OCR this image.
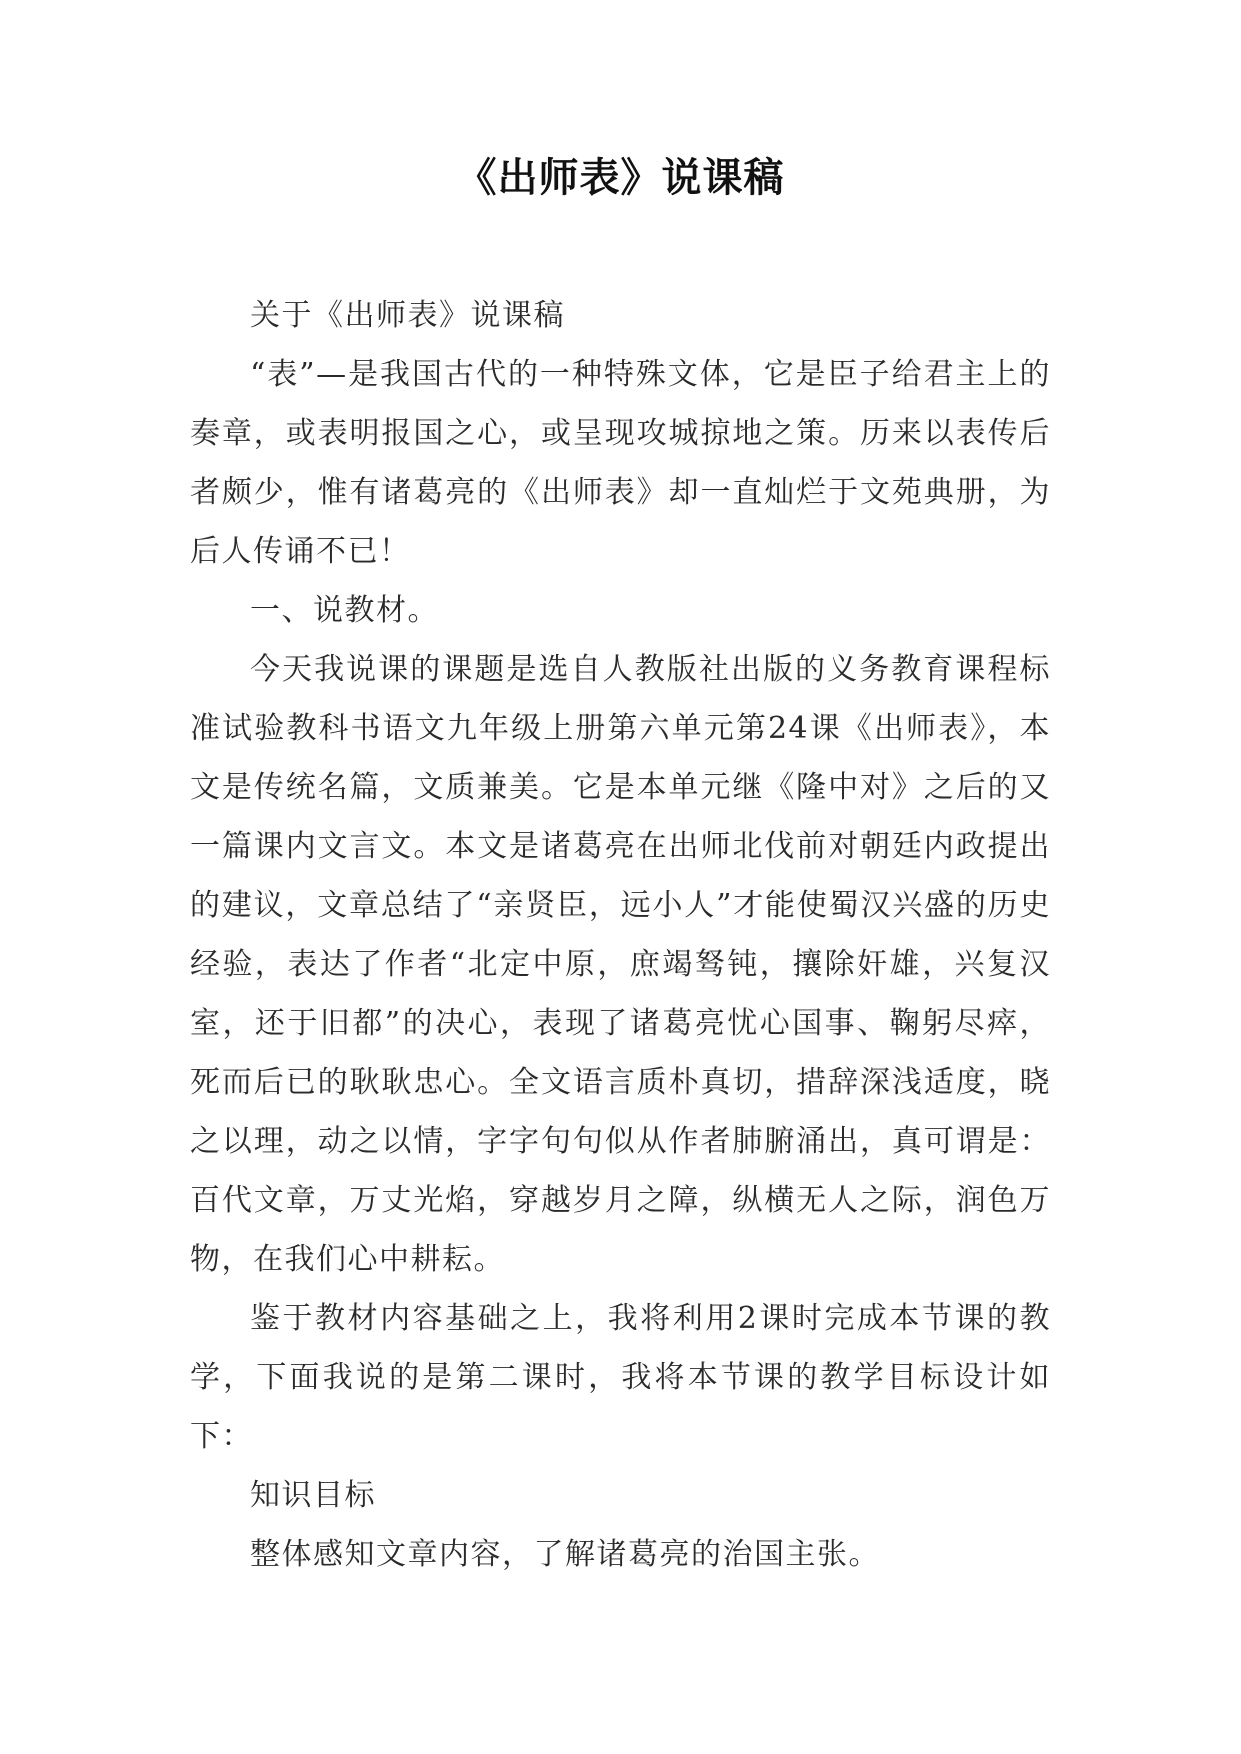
《出师表》说课稿

关于《出师表》说课稿

“表”—是我国古代的一种特殊文体，它是臣子给君主上的奏章，或表明报国之心，或呈现攻城掠地之策。历来以表传后者颇少，惟有诸葛亮的《出师表》却一直灿烂于文苑典册，为后人传诵不已！

一、说教材。

今天我说课的课题是选自人教版社出版的义务教育课程标准试验教科书语文九年级上册第六单元第24课《出师表》，本文是传统名篇，文质兼美。它是本单元继《隆中对》之后的又一篇课内文言文。本文是诸葛亮在出师北伐前对朝廷内政提出的建议，文章总结了“亲贤臣，远小人”才能使蜀汉兴盛的历史经验，表达了作者“北定中原，庶竭驽钝，攘除奸雄，兴复汉室，还于旧都”的决心，表现了诸葛亮忧心国事、鞠躬尽瘁，死而后已的耿耿忠心。全文语言质朴真切，措辞深浅适度，晓之以理，动之以情，字字句句似从作者肺腑涌出，真可谓是：百代文章，万丈光焰，穿越岁月之障，纵横无人之际，润色万物，在我们心中耕耘。

鉴于教材内容基础之上，我将利用2课时完成本节课的教学，下面我说的是第二课时，我将本节课的教学目标设计如下：

知识目标

整体感知文章内容，了解诸葛亮的治国主张。
